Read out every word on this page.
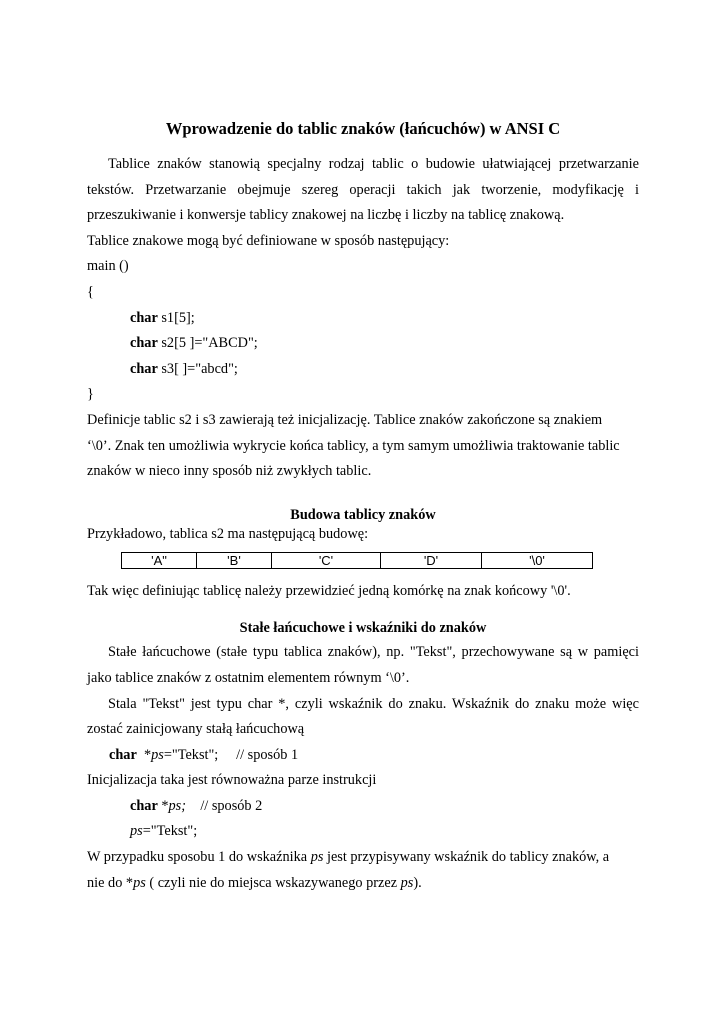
Wprowadzenie do tablic znaków (łańcuchów) w ANSI C

Tablice znaków stanowią specjalny rodzaj tablic o budowie ułatwiającej przetwarzanie tekstów. Przetwarzanie obejmuje szereg operacji takich jak tworzenie, modyfikację i przeszukiwanie i konwersje tablicy znakowej na liczbę i liczby na tablicę znakową.

Tablice znakowe mogą być definiowane w sposób następujący:

main ()
{
char s1[5];
char s2[5 ]="ABCD";
char s3[ ]="abcd";
}
Definicje tablic s2 i s3 zawierają też inicjalizację. Tablice znaków zakończone są znakiem
‘\0’. Znak ten umożliwia wykrycie końca tablicy, a tym samym umożliwia traktowanie tablic
znaków w nieco inny sposób niż zwykłych tablic.
Budowa tablicy znaków
Przykładowo, tablica s2 ma następującą budowę:
'A"	'B'	'C'	'D'	'\0'
Tak więc definiując tablicę należy przewidzieć jedną komórkę na znak końcowy '\0'.
Stałe łańcuchowe i wskaźniki do znaków

Stałe łańcuchowe (stałe typu tablica znaków), np. "Tekst", przechowywane są w pamięci jako tablice znaków z ostatnim elementem równym ‘\0’.

Stala "Tekst" jest typu char *, czyli wskaźnik do znaku. Wskaźnik do znaku może więc zostać zainicjowany stałą łańcuchową

char  *ps="Tekst";     // sposób 1
Inicjalizacja taka jest równoważna parze instrukcji
char *ps;    // sposób 2
ps="Tekst";
W przypadku sposobu 1 do wskaźnika ps jest przypisywany wskaźnik do tablicy znaków, a
nie do *ps ( czyli nie do miejsca wskazywanego przez ps).
